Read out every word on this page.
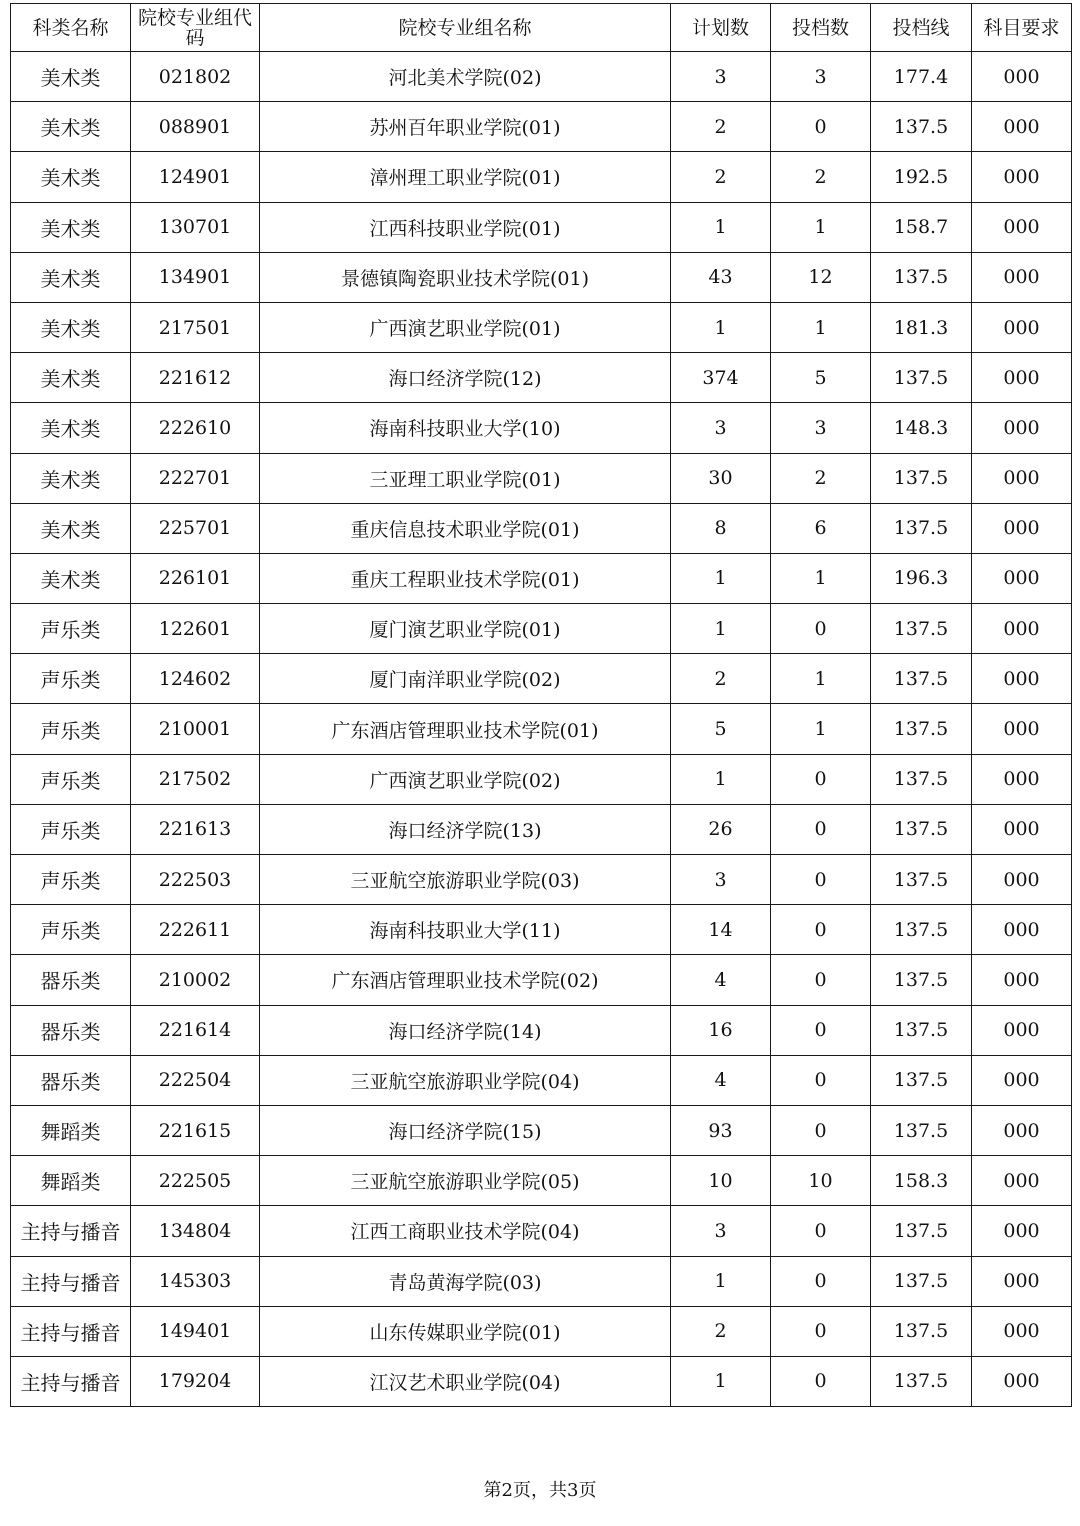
科类名称	院校专业组代码	院校专业组名称	计划数	投档数	投档线	科目要求
美术类	021802	河北美术学院(02)	3	3	177.4	000
美术类	088901	苏州百年职业学院(01)	2	0	137.5	000
美术类	124901	漳州理工职业学院(01)	2	2	192.5	000
美术类	130701	江西科技职业学院(01)	1	1	158.7	000
美术类	134901	景德镇陶瓷职业技术学院(01)	43	12	137.5	000
美术类	217501	广西演艺职业学院(01)	1	1	181.3	000
美术类	221612	海口经济学院(12)	374	5	137.5	000
美术类	222610	海南科技职业大学(10)	3	3	148.3	000
美术类	222701	三亚理工职业学院(01)	30	2	137.5	000
美术类	225701	重庆信息技术职业学院(01)	8	6	137.5	000
美术类	226101	重庆工程职业技术学院(01)	1	1	196.3	000
声乐类	122601	厦门演艺职业学院(01)	1	0	137.5	000
声乐类	124602	厦门南洋职业学院(02)	2	1	137.5	000
声乐类	210001	广东酒店管理职业技术学院(01)	5	1	137.5	000
声乐类	217502	广西演艺职业学院(02)	1	0	137.5	000
声乐类	221613	海口经济学院(13)	26	0	137.5	000
声乐类	222503	三亚航空旅游职业学院(03)	3	0	137.5	000
声乐类	222611	海南科技职业大学(11)	14	0	137.5	000
器乐类	210002	广东酒店管理职业技术学院(02)	4	0	137.5	000
器乐类	221614	海口经济学院(14)	16	0	137.5	000
器乐类	222504	三亚航空旅游职业学院(04)	4	0	137.5	000
舞蹈类	221615	海口经济学院(15)	93	0	137.5	000
舞蹈类	222505	三亚航空旅游职业学院(05)	10	10	158.3	000
主持与播音	134804	江西工商职业技术学院(04)	3	0	137.5	000
主持与播音	145303	青岛黄海学院(03)	1	0	137.5	000
主持与播音	149401	山东传媒职业学院(01)	2	0	137.5	000
主持与播音	179204	江汉艺术职业学院(04)	1	0	137.5	000
第2页，共3页
